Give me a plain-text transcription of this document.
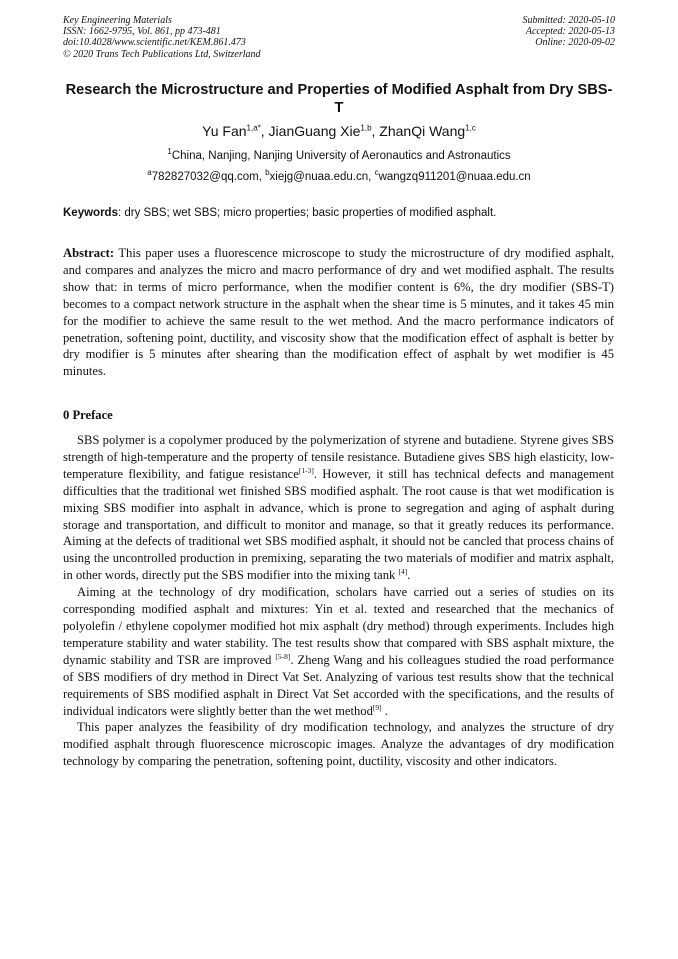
Key Engineering Materials
ISSN: 1662-9795, Vol. 861, pp 473-481
doi:10.4028/www.scientific.net/KEM.861.473
© 2020 Trans Tech Publications Ltd, Switzerland
Submitted: 2020-05-10
Accepted: 2020-05-13
Online: 2020-09-02
Research the Microstructure and Properties of Modified Asphalt from Dry SBS-T
Yu Fan$^{1,a*}$, JianGuang Xie$^{1,b}$, ZhanQi Wang$^{1,c}$
$^1$China, Nanjing, Nanjing University of Aeronautics and Astronautics
$^a$782827032@qq.com, $^b$xiejg@nuaa.edu.cn, $^c$wangzq911201@nuaa.edu.cn
Keywords: dry SBS; wet SBS; micro properties; basic properties of modified asphalt.

Abstract: This paper uses a fluorescence microscope to study the microstructure of dry modified asphalt, and compares and analyzes the micro and macro performance of dry and wet modified asphalt. The results show that: in terms of micro performance, when the modifier content is 6%, the dry modifier (SBS-T) becomes to a compact network structure in the asphalt when the shear time is 5 minutes, and it takes 45 min for the modifier to achieve the same result to the wet method. And the macro performance indicators of penetration, softening point, ductility, and viscosity show that the modification effect of asphalt is better by dry modifier is 5 minutes after shearing than the modification effect of asphalt by wet modifier is 45 minutes.

0 Preface

SBS polymer is a copolymer produced by the polymerization of styrene and butadiene. Styrene gives SBS strength of high-temperature and the property of tensile resistance. Butadiene gives SBS high elasticity, low-temperature flexibility, and fatigue resistance[1-3]. However, it still has technical defects and management difficulties that the traditional wet finished SBS modified asphalt. The root cause is that wet modification is mixing SBS modifier into asphalt in advance, which is prone to segregation and aging of asphalt during storage and transportation, and difficult to monitor and manage, so that it greatly reduces its performance. Aiming at the defects of traditional wet SBS modified asphalt, it should not be cancled that process chains of using the uncontrolled production in premixing, separating the two materials of modifier and matrix asphalt, in other words, directly put the SBS modifier into the mixing tank [4].

Aiming at the technology of dry modification, scholars have carried out a series of studies on its corresponding modified asphalt and mixtures: Yin et al. texted and researched that the mechanics of polyolefin / ethylene copolymer modified hot mix asphalt (dry method) through experiments. Includes high temperature stability and water stability. The test results show that compared with SBS asphalt mixture, the dynamic stability and TSR are improved [5-8]. Zheng Wang and his colleagues studied the road performance of SBS modifiers of dry method in Direct Vat Set. Analyzing of various test results show that the technical requirements of SBS modified asphalt in Direct Vat Set accorded with the specifications, and the results of individual indicators were slightly better than the wet method[9] .

This paper analyzes the feasibility of dry modification technology, and analyzes the structure of dry modified asphalt through fluorescence microscopic images. Analyze the advantages of dry modification technology by comparing the penetration, softening point, ductility, viscosity and other indicators.
